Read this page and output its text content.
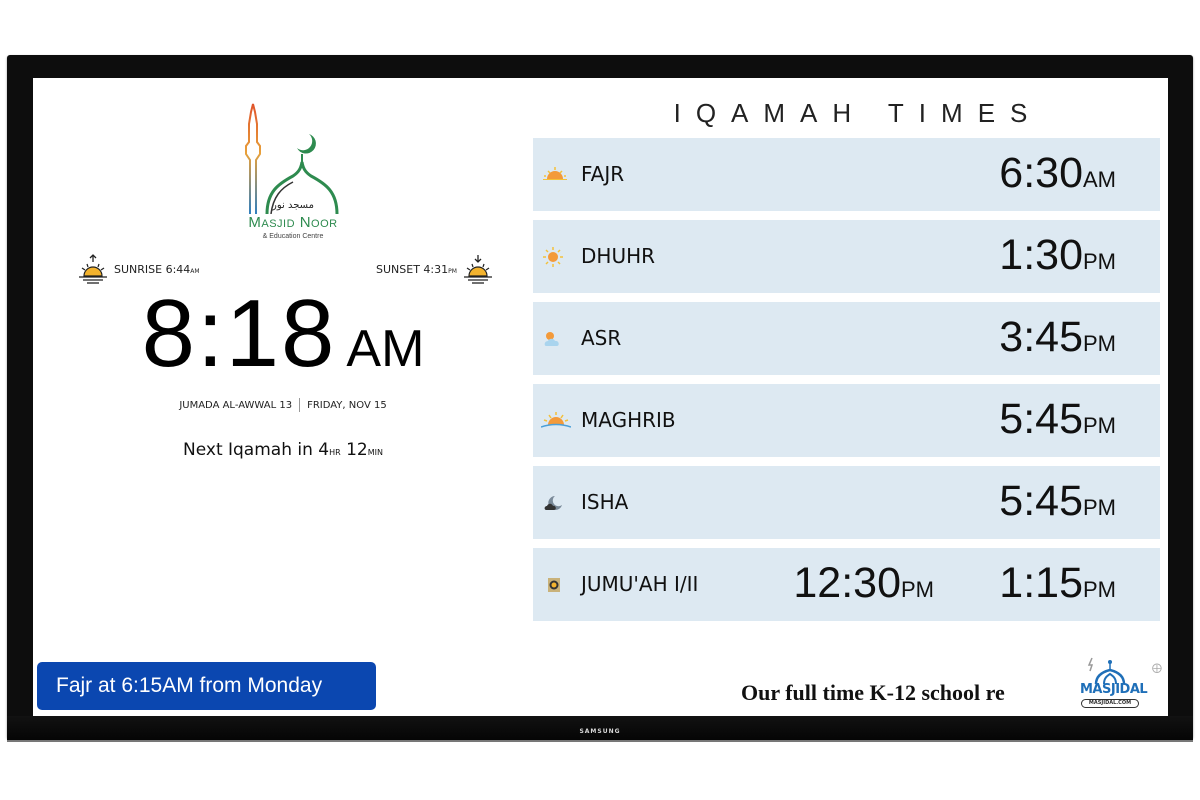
SAMSUNG
مسجد نور
Masjid Noor
& Education Centre
SUNRISE 6:44AM	SUNSET 4:31PM
8:18 AM
JUMADA AL-AWWAL 13 FRIDAY, NOV 15
Next Iqamah in 4HR 12MIN
Fajr at 6:15AM from Monday	Our full time K-12 school re	MASJIDAL
MASJIDAL.COM
⨁
IQAMAH TIMES
FAJR	6:30AM
DHUHR	1:30PM
ASR	3:45PM
MAGHRIB	5:45PM
ISHA	5:45PM
JUMU'AH I/II 12:30PM 1:15PM
